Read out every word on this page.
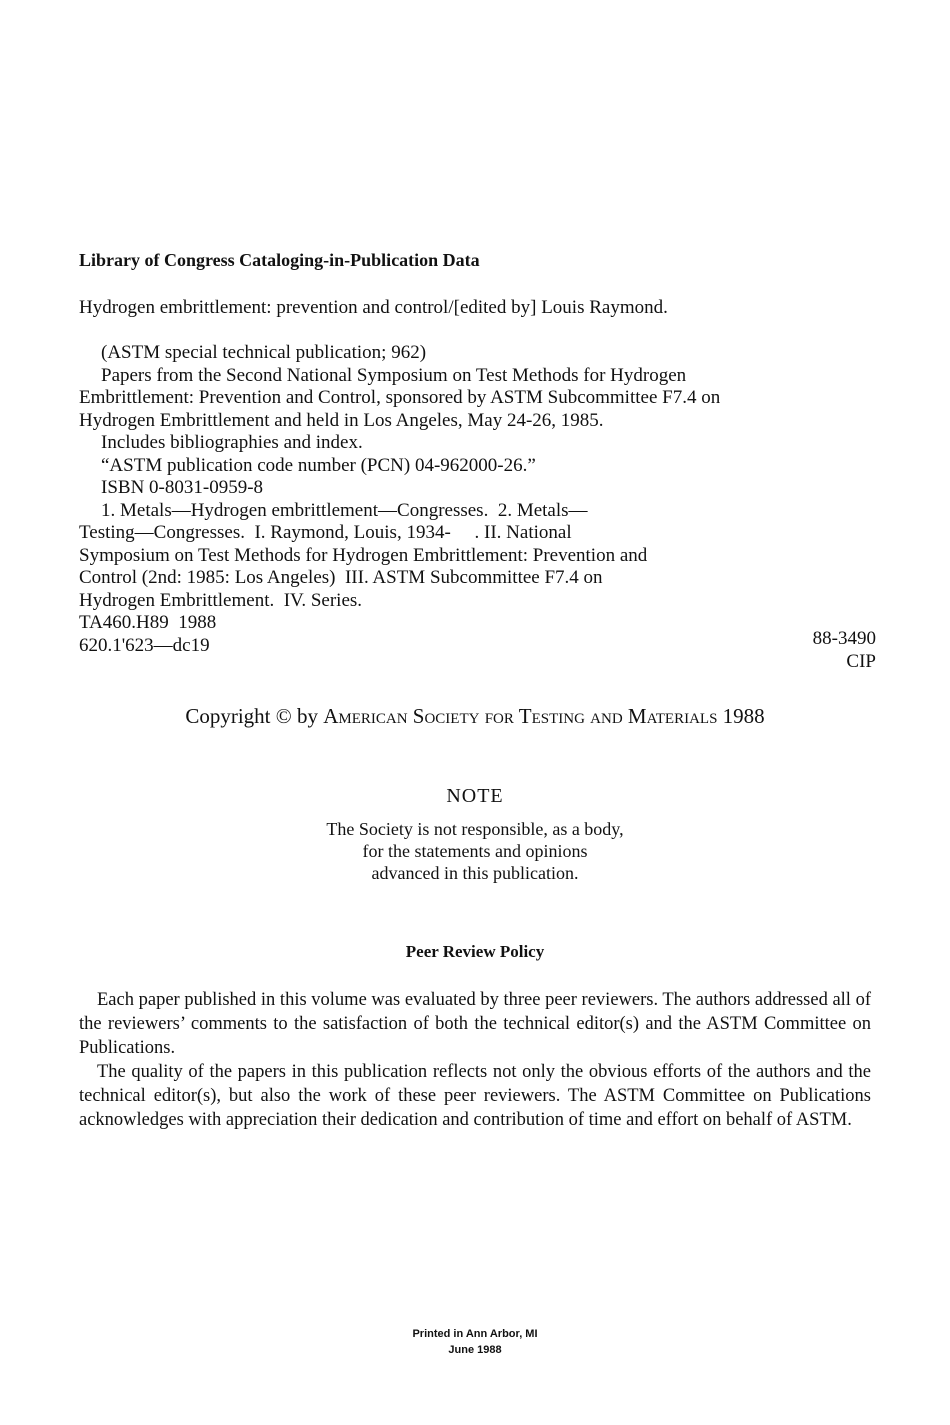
Library of Congress Cataloging-in-Publication Data
Hydrogen embrittlement: prevention and control/[edited by] Louis Raymond.
(ASTM special technical publication; 962)
Papers from the Second National Symposium on Test Methods for Hydrogen
Embrittlement: Prevention and Control, sponsored by ASTM Subcommittee F7.4 on
Hydrogen Embrittlement and held in Los Angeles, May 24-26, 1985.
Includes bibliographies and index.
“ASTM publication code number (PCN) 04-962000-26.”
ISBN 0-8031-0959-8
1. Metals—Hydrogen embrittlement—Congresses.  2. Metals—
Testing—Congresses.  I. Raymond, Louis, 1934-     . II. National
Symposium on Test Methods for Hydrogen Embrittlement: Prevention and
Control (2nd: 1985: Los Angeles)  III. ASTM Subcommittee F7.4 on
Hydrogen Embrittlement.  IV. Series.
TA460.H89  1988
620.1'623—dc19	88-3490
CIP
Copyright © by American Society for Testing and Materials 1988
NOTE
The Society is not responsible, as a body,
for the statements and opinions
advanced in this publication.
Peer Review Policy

Each paper published in this volume was evaluated by three peer reviewers. The authors addressed all of the reviewers’ comments to the satisfaction of both the technical editor(s) and the ASTM Committee on Publications.

The quality of the papers in this publication reflects not only the obvious efforts of the authors and the technical editor(s), but also the work of these peer reviewers. The ASTM Committee on Publications acknowledges with appreciation their dedication and contribution of time and effort on behalf of ASTM.

Printed in Ann Arbor, MI
June 1988
